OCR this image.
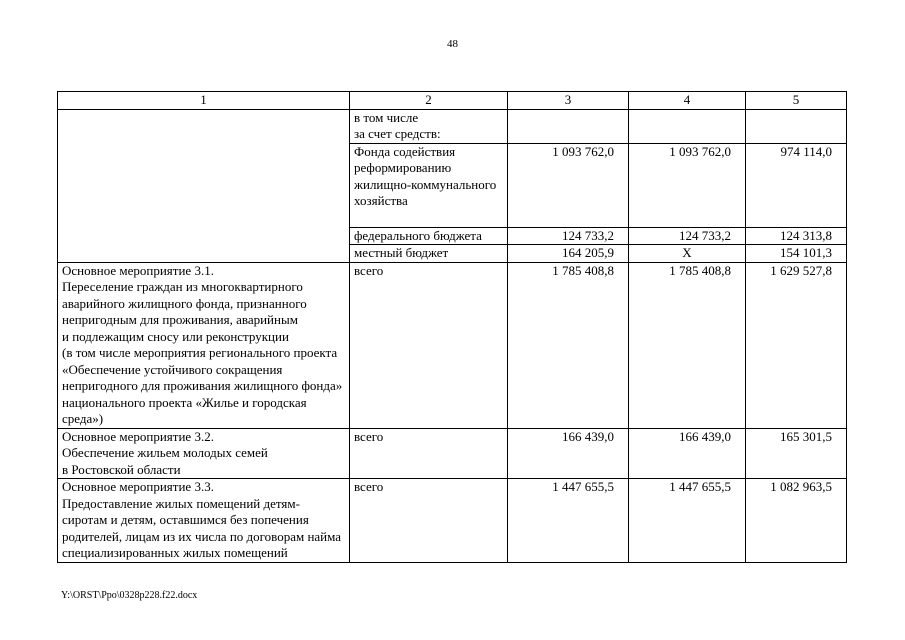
48
1	2	3	4	5
	в том числе
за счет средств:			
	Фонда содействия реформированию жилищно-коммунального хозяйства	1 093 762,0	1 093 762,0	974 114,0
	федерального бюджета	124 733,2	124 733,2	124 313,8
	местный бюджет	164 205,9	Х	154 101,3
Основное мероприятие 3.1.
Переселение граждан из многоквартирного аварийного жилищного фонда, признанного непригодным для проживания, аварийным
и подлежащим сносу или реконструкции
(в том числе мероприятия регионального проекта «Обеспечение устойчивого сокращения непригодного для проживания жилищного фонда» национального проекта «Жилье и городская среда»)	всего	1 785 408,8	1 785 408,8	1 629 527,8
Основное мероприятие 3.2.
Обеспечение жильем молодых семей
в Ростовской области	всего	166 439,0	166 439,0	165 301,5
Основное мероприятие 3.3.
Предоставление жилых помещений детям-сиротам и детям, оставшимся без попечения родителей, лицам из их числа по договорам найма специализированных жилых помещений	всего	1 447 655,5	1 447 655,5	1 082 963,5
Y:\ORST\Ppo\0328p228.f22.docx
